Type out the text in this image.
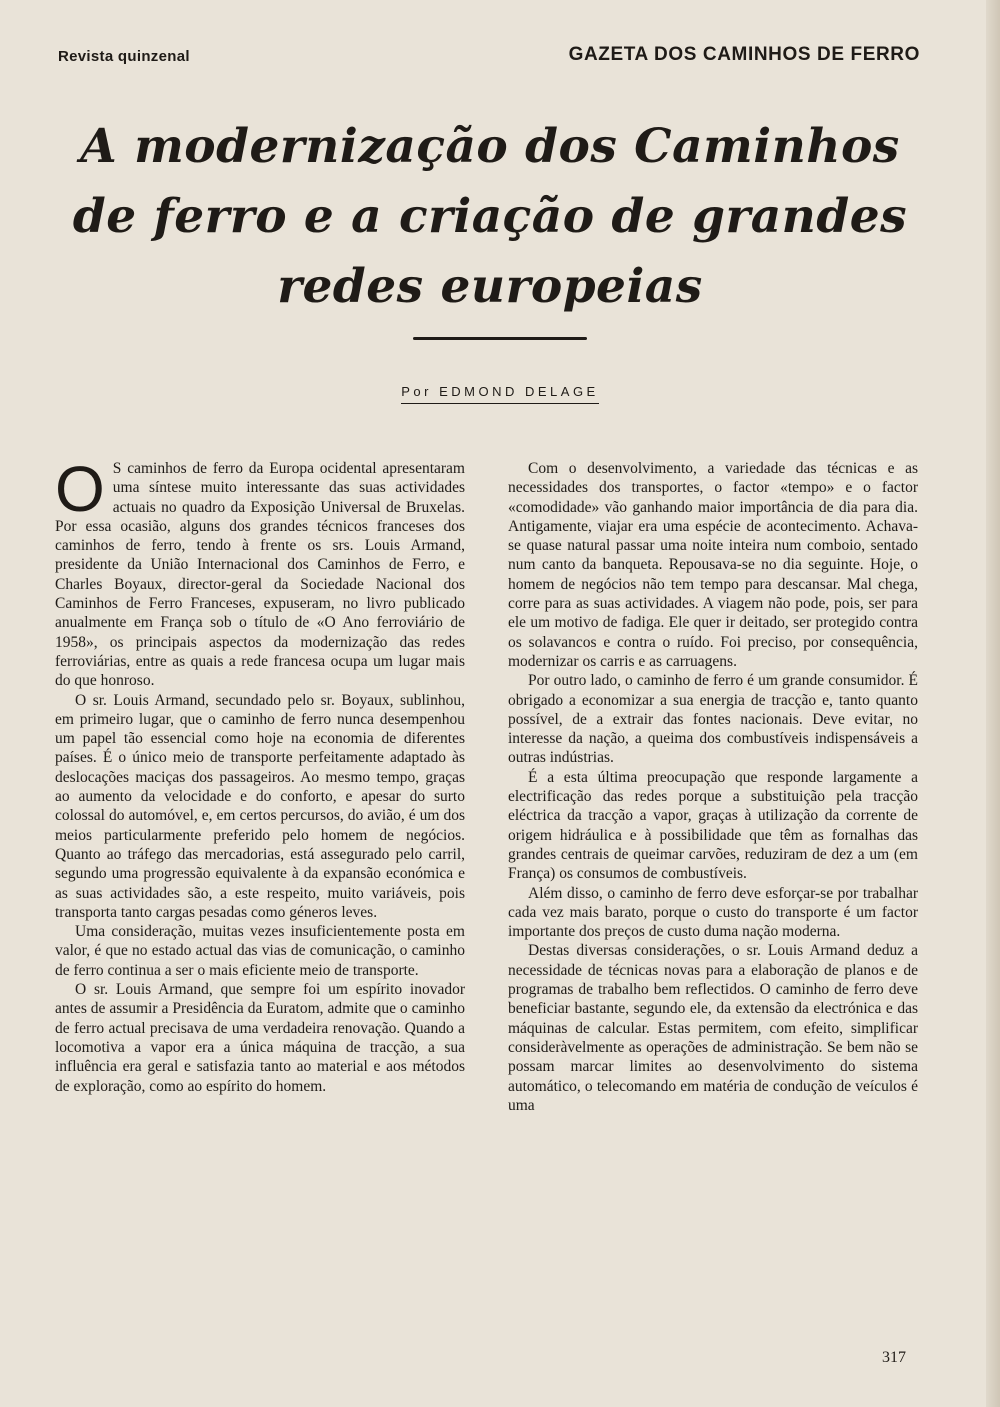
Revista quinzenal	GAZETA DOS CAMINHOS DE FERRO
A modernização dos Caminhos de ferro e a criação de grandes redes europeias
Por EDMOND DELAGE

O S caminhos de ferro da Europa ocidental apresentaram uma síntese muito interessante das suas actividades actuais no quadro da Exposição Universal de Bruxelas. Por essa ocasião, alguns dos grandes técnicos franceses dos caminhos de ferro, tendo à frente os srs. Louis Armand, presidente da União Internacional dos Caminhos de Ferro, e Charles Boyaux, director-geral da Sociedade Nacional dos Caminhos de Ferro Franceses, expuseram, no livro publicado anualmente em França sob o título de «O Ano ferroviário de 1958», os principais aspectos da modernização das redes ferroviárias, entre as quais a rede francesa ocupa um lugar mais do que honroso.

O sr. Louis Armand, secundado pelo sr. Boyaux, sublinhou, em primeiro lugar, que o caminho de ferro nunca desempenhou um papel tão essencial como hoje na economia de diferentes países. É o único meio de transporte perfeitamente adaptado às deslocações maciças dos passageiros. Ao mesmo tempo, graças ao aumento da velocidade e do conforto, e apesar do surto colossal do automóvel, e, em certos percursos, do avião, é um dos meios particularmente preferido pelo homem de negócios. Quanto ao tráfego das mercadorias, está assegurado pelo carril, segundo uma progressão equivalente à da expansão económica e as suas actividades são, a este respeito, muito variáveis, pois transporta tanto cargas pesadas como géneros leves.

Uma consideração, muitas vezes insuficientemente posta em valor, é que no estado actual das vias de comunicação, o caminho de ferro continua a ser o mais eficiente meio de transporte.

O sr. Louis Armand, que sempre foi um espírito inovador antes de assumir a Presidência da Euratom, admite que o caminho de ferro actual precisava de uma verdadeira renovação. Quando a locomotiva a vapor era a única máquina de tracção, a sua influência era geral e satisfazia tanto ao material e aos métodos de exploração, como ao espírito do homem.

Com o desenvolvimento, a variedade das técnicas e as necessidades dos transportes, o factor «tempo» e o factor «comodidade» vão ganhando maior importância de dia para dia. Antigamente, viajar era uma espécie de acontecimento. Achava-se quase natural passar uma noite inteira num comboio, sentado num canto da banqueta. Repousava-se no dia seguinte. Hoje, o homem de negócios não tem tempo para descansar. Mal chega, corre para as suas actividades. A viagem não pode, pois, ser para ele um motivo de fadiga. Ele quer ir deitado, ser protegido contra os solavancos e contra o ruído. Foi preciso, por consequência, modernizar os carris e as carruagens.

Por outro lado, o caminho de ferro é um grande consumidor. É obrigado a economizar a sua energia de tracção e, tanto quanto possível, de a extrair das fontes nacionais. Deve evitar, no interesse da nação, a queima dos combustíveis indispensáveis a outras indústrias.

É a esta última preocupação que responde largamente a electrificação das redes porque a substituição pela tracção eléctrica da tracção a vapor, graças à utilização da corrente de origem hidráulica e à possibilidade que têm as fornalhas das grandes centrais de queimar carvões, reduziram de dez a um (em França) os consumos de combustíveis.

Além disso, o caminho de ferro deve esforçar-se por trabalhar cada vez mais barato, porque o custo do transporte é um factor importante dos preços de custo duma nação moderna.

Destas diversas considerações, o sr. Louis Armand deduz a necessidade de técnicas novas para a elaboração de planos e de programas de trabalho bem reflectidos. O caminho de ferro deve beneficiar bastante, segundo ele, da extensão da electrónica e das máquinas de calcular. Estas permitem, com efeito, simplificar consideràvelmente as operações de administração. Se bem não se possam marcar limites ao desenvolvimento do sistema automático, o telecomando em matéria de condução de veículos é uma

317
